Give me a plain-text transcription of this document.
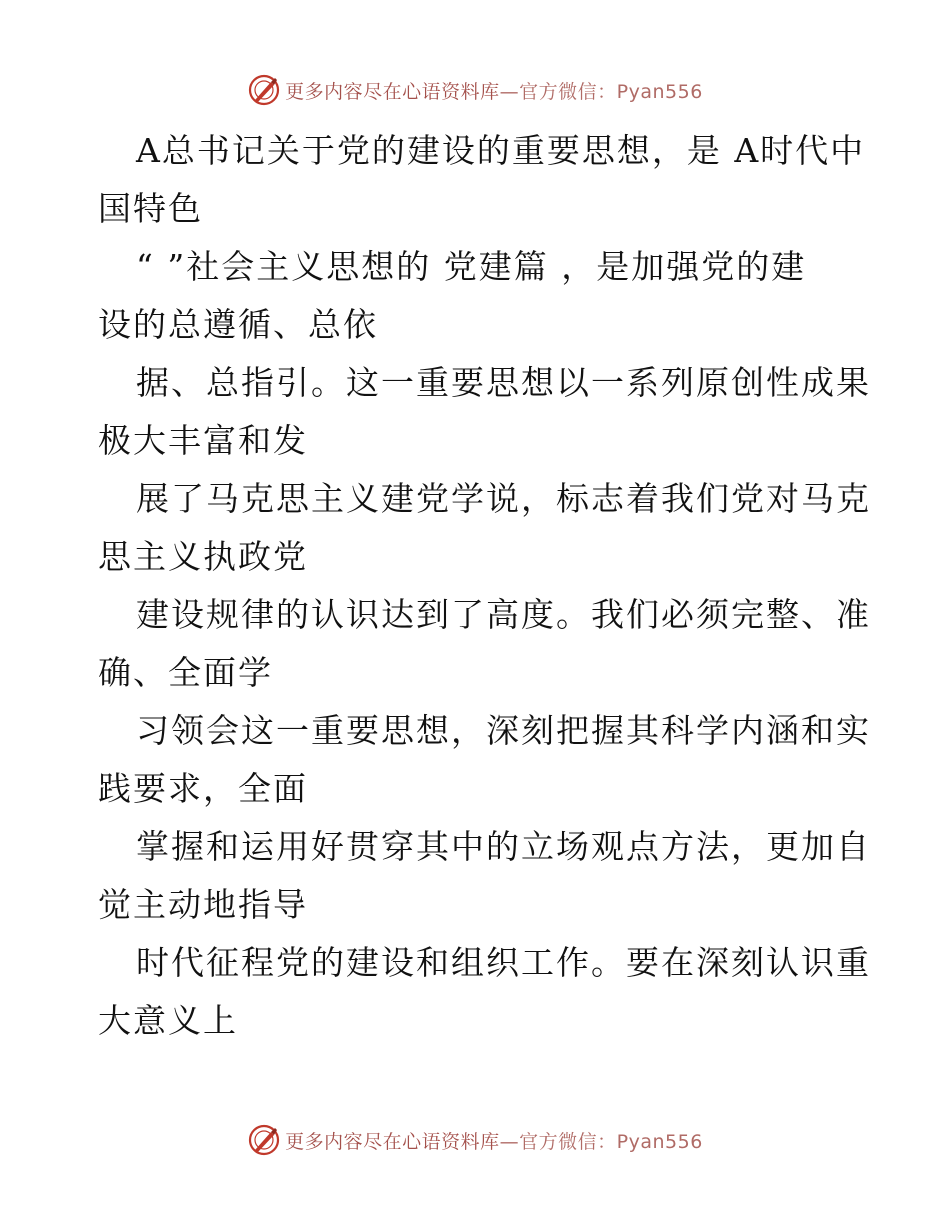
更多内容尽在心语资料库 —官方微信：Pyan556

A总书记关于党的建设的重要思想，是 A时代中

国特色

“ ”社会主义思想的 党建篇 ，是加强党的建

设的总遵循、总依

据、总指引。这一重要思想以一系列原创性成果

极大丰富和发

展了马克思主义建党学说，标志着我们党对马克

思主义执政党

建设规律的认识达到了高度。我们必须完整、准

确、全面学

习领会这一重要思想，深刻把握其科学内涵和实

践要求，全面

掌握和运用好贯穿其中的立场观点方法，更加自

觉主动地指导

时代征程党的建设和组织工作。要在深刻认识重

大意义上

更多内容尽在心语资料库 —官方微信：Pyan556
